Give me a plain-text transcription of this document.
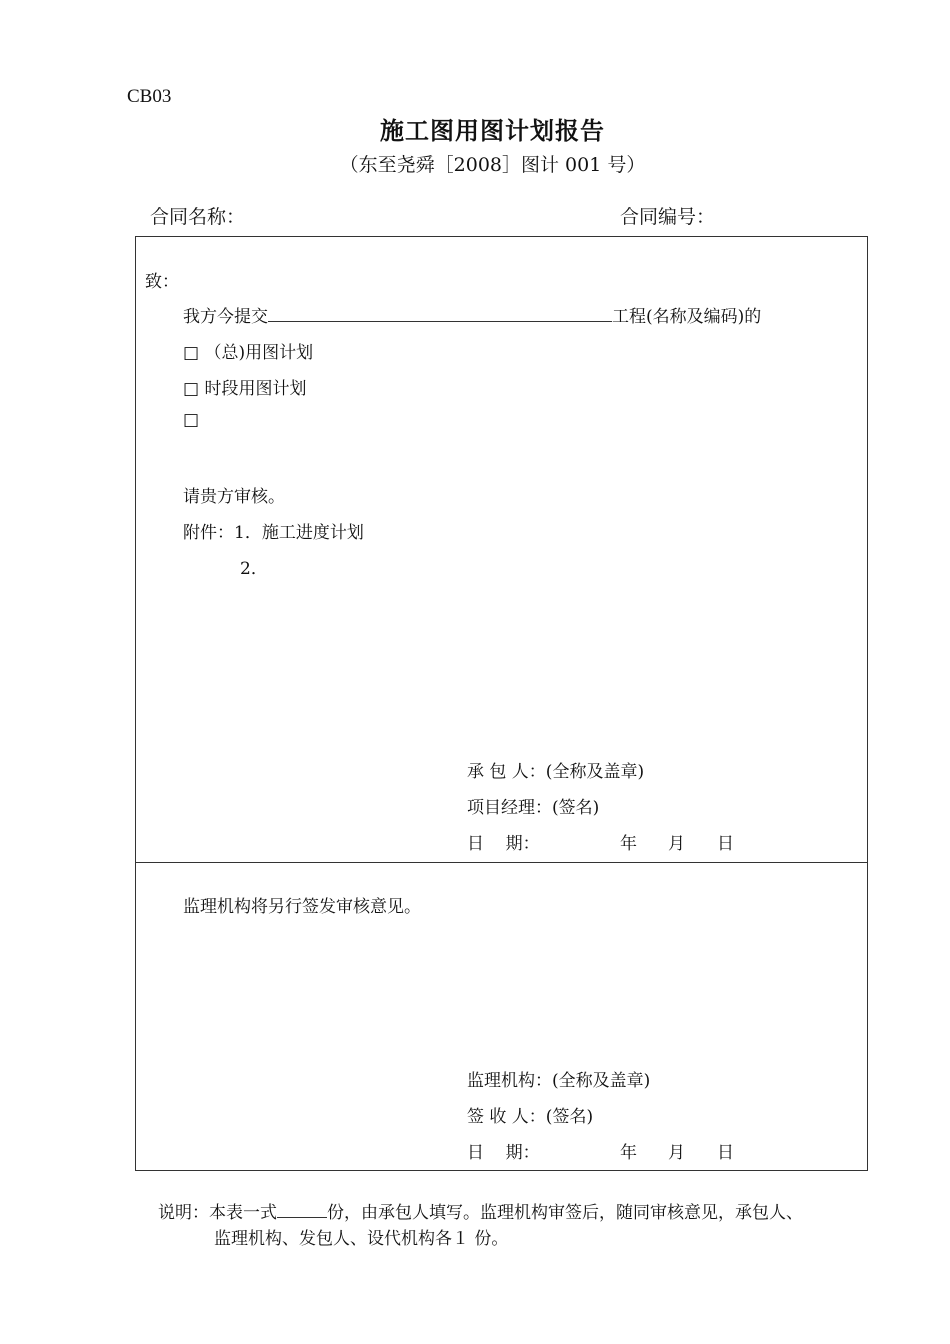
CB03
施工图用图计划报告
（东至尧舜［2008］图计 001 号）
合同名称：	合同编号：
致：
我方今提交	工程(名称及编码)的
□ （总)用图计划
□ 时段用图计划
□
请贵方审核。
附件：1．施工进度计划
2．
承 包 人：(全称及盖章)
项目经理：(签名)
日    期：	年 月 日
监理机构将另行签发审核意见。
监理机构：(全称及盖章)
签 收 人：(签名)
日    期：	年 月 日
说明：本表一式	份，由承包人填写。监理机构审签后，随同审核意见，承包人、
监理机构、发包人、设代机构各１ 份。
